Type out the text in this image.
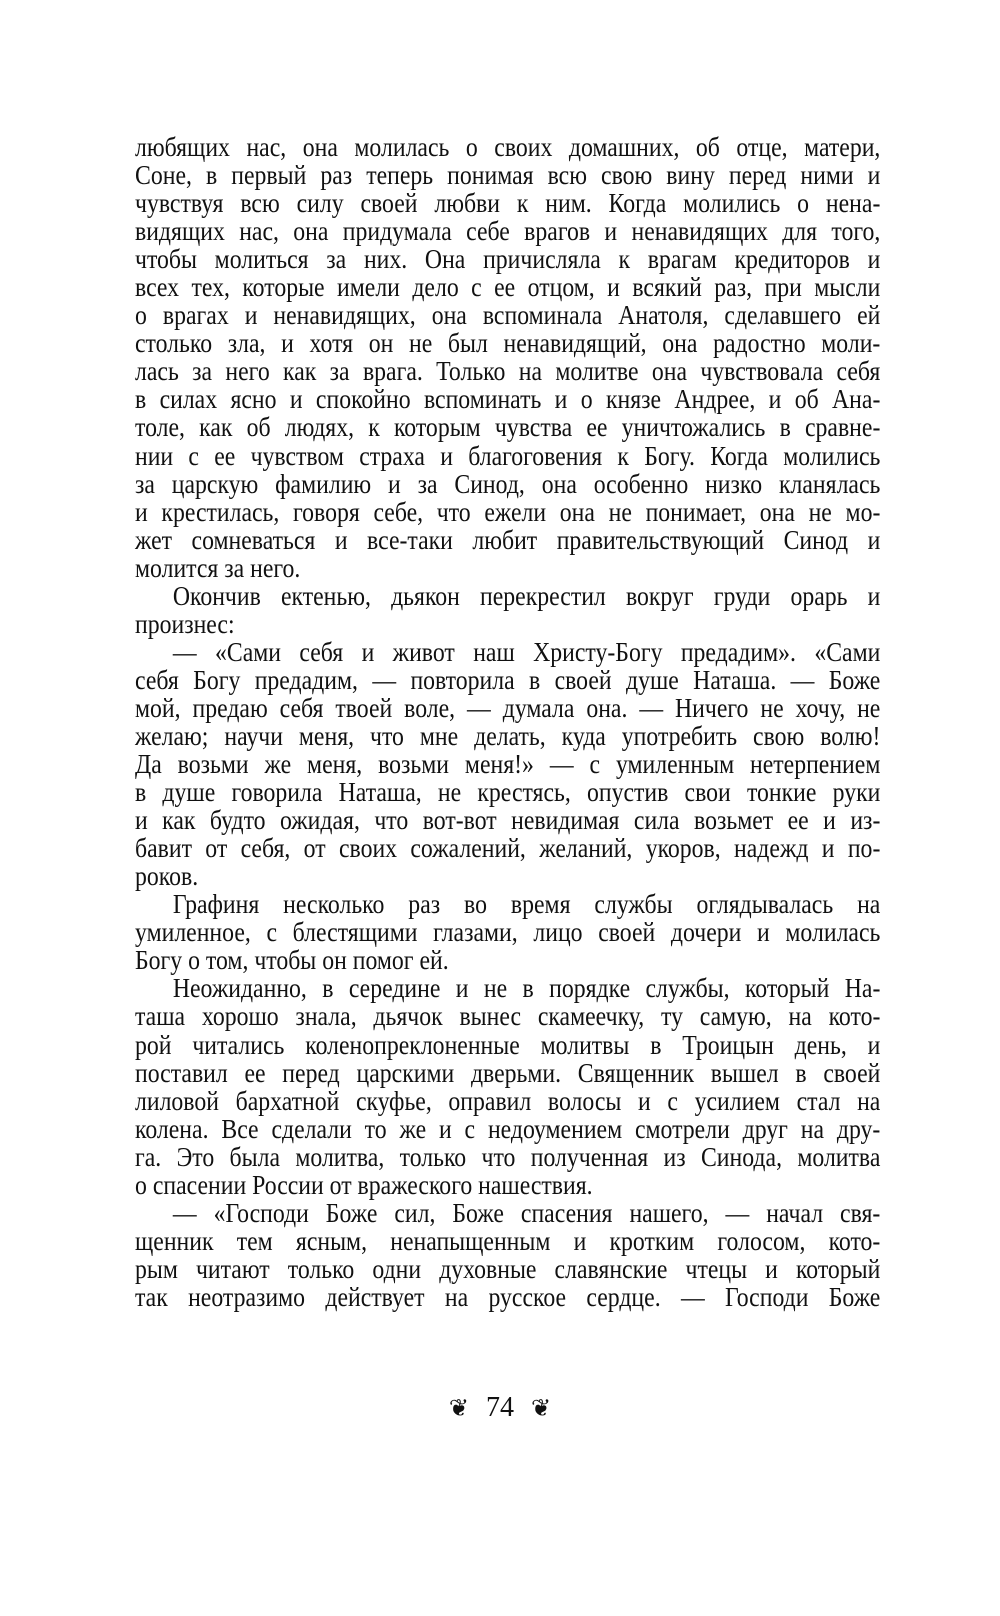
любящих нас, она молилась о своих домашних, об отце, матери,
Соне, в первый раз теперь понимая всю свою вину перед ними и
чувствуя всю силу своей любви к ним. Когда молились о нена-
видящих нас, она придумала себе врагов и ненавидящих для того,
чтобы молиться за них. Она причисляла к врагам кредиторов и
всех тех, которые имели дело с ее отцом, и всякий раз, при мысли
о врагах и ненавидящих, она вспоминала Анатоля, сделавшего ей
столько зла, и хотя он не был ненавидящий, она радостно моли-
лась за него как за врага. Только на молитве она чувствовала себя
в силах ясно и спокойно вспоминать и о князе Андрее, и об Ана-
толе, как об людях, к которым чувства ее уничтожались в сравне-
нии с ее чувством страха и благоговения к Богу. Когда молились
за царскую фамилию и за Синод, она особенно низко кланялась
и крестилась, говоря себе, что ежели она не понимает, она не мо-
жет сомневаться и все-таки любит правительствующий Синод и
молится за него.
Окончив ектенью, дьякон перекрестил вокруг груди орарь и
произнес:
— «Сами себя и живот наш Христу-Богу предадим». «Сами
себя Богу предадим, — повторила в своей душе Наташа. — Боже
мой, предаю себя твоей воле, — думала она. — Ничего не хочу, не
желаю; научи меня, что мне делать, куда употребить свою волю!
Да возьми же меня, возьми меня!» — с умиленным нетерпением
в душе говорила Наташа, не крестясь, опустив свои тонкие руки
и как будто ожидая, что вот-вот невидимая сила возьмет ее и из-
бавит от себя, от своих сожалений, желаний, укоров, надежд и по-
роков.
Графиня несколько раз во время службы оглядывалась на
умиленное, с блестящими глазами, лицо своей дочери и молилась
Богу о том, чтобы он помог ей.
Неожиданно, в середине и не в порядке службы, который На-
таша хорошо знала, дьячок вынес скамеечку, ту самую, на кото-
рой читались коленопреклоненные молитвы в Троицын день, и
поставил ее перед царскими дверьми. Священник вышел в своей
лиловой бархатной скуфье, оправил волосы и с усилием стал на
колена. Все сделали то же и с недоумением смотрели друг на дру-
га. Это была молитва, только что полученная из Синода, молитва
о спасении России от вражеского нашествия.
— «Господи Боже сил, Боже спасения нашего, — начал свя-
щенник тем ясным, ненапыщенным и кротким голосом, кото-
рым читают только одни духовные славянские чтецы и который
так неотразимо действует на русское сердце. — Господи Боже
❦ 74 ❦
